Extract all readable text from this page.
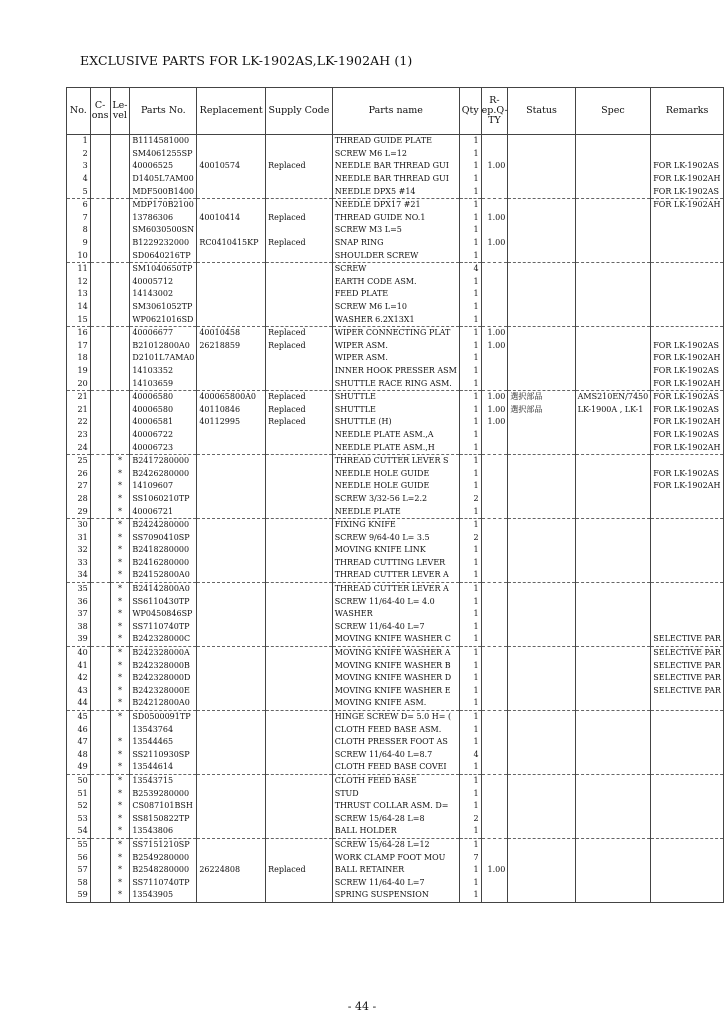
EXCLUSIVE PARTS FOR LK-1902AS,LK-1902AH (1)
No.	C-ons	Le-vel	Parts No.	Replacement	Supply Code	Parts name	Qty	R-ep.Q-TY	Status	Spec	Remarks
1			B1114581000			THREAD GUIDE PLATE	1				
2			SM4061255SP			SCREW M6 L=12	1				
3			40006525	40010574	Replaced	NEEDLE BAR THREAD GUI	1	1.00			FOR LK-1902AS
4			D1405L7AM00			NEEDLE BAR THREAD GUI	1				FOR LK-1902AH
5			MDF500B1400			NEEDLE DPX5 #14	1				FOR LK-1902AS
6			MDP170B2100			NEEDLE DPX17 #21	1				FOR LK-1902AH
7			13786306	40010414	Replaced	THREAD GUIDE NO.1	1	1.00			
8			SM6030500SN			SCREW M3 L=5	1				
9			B1229232000	RC0410415KP	Replaced	SNAP RING	1	1.00			
10			SD0640216TP			SHOULDER SCREW	1				
11			SM1040650TP			SCREW	4				
12			40005712			EARTH CODE ASM.	1				
13			14143002			FEED PLATE	1				
14			SM3061052TP			SCREW M6 L=10	1				
15			WP0621016SD			WASHER 6.2X13X1	1				
16			40006677	40010458	Replaced	WIPER CONNECTING PLAT	1	1.00			
17			B21012800A0	26218859	Replaced	WIPER ASM.	1	1.00			FOR LK-1902AS
18			D2101L7AMA0			WIPER ASM.	1				FOR LK-1902AH
19			14103352			INNER HOOK PRESSER ASM	1				FOR LK-1902AS
20			14103659			SHUTTLE RACE RING ASM.	1				FOR LK-1902AH
21			40006580	400065800A0	Replaced	SHUTTLE	1	1.00	選択部品	AMS210EN/7450	FOR LK-1902AS
21			40006580	40110846	Replaced	SHUTTLE	1	1.00	選択部品	LK-1900A , LK-1	FOR LK-1902AS
22			40006581	40112995	Replaced	SHUTTLE (H)	1	1.00			FOR LK-1902AH
23			40006722			NEEDLE PLATE ASM.,A	1				FOR LK-1902AS
24			40006723			NEEDLE PLATE ASM.,H	1				FOR LK-1902AH
25		*	B2417280000			THREAD CUTTER LEVER S	1				
26		*	B2426280000			NEEDLE HOLE GUIDE	1				FOR LK-1902AS
27		*	14109607			NEEDLE HOLE GUIDE	1				FOR LK-1902AH
28		*	SS1060210TP			SCREW 3/32-56 L=2.2	2				
29		*	40006721			NEEDLE PLATE	1				
30		*	B2424280000			FIXING KNIFE	1				
31		*	SS7090410SP			SCREW 9/64-40 L= 3.5	2				
32		*	B2418280000			MOVING KNIFE LINK	1				
33		*	B2416280000			THREAD CUTTING LEVER	1				
34		*	B24152800A0			THREAD CUTTER LEVER A	1				
35		*	B24142800A0			THREAD CUTTER LEVER A	1				
36		*	SS6110430TP			SCREW 11/64-40 L= 4.0	1				
37		*	WP0450846SP			WASHER	1				
38		*	SS7110740TP			SCREW 11/64-40 L=7	1				
39		*	B242328000C			MOVING KNIFE WASHER C	1				SELECTIVE PAR
40		*	B242328000A			MOVING KNIFE WASHER A	1				SELECTIVE PAR
41		*	B242328000B			MOVING KNIFE WASHER B	1				SELECTIVE PAR
42		*	B242328000D			MOVING KNIFE WASHER D	1				SELECTIVE PAR
43		*	B242328000E			MOVING KNIFE WASHER E	1				SELECTIVE PAR
44		*	B24212800A0			MOVING KNIFE ASM.	1				
45		*	SD0500091TP			HINGE SCREW D= 5.0 H= (	1				
46			13543764			CLOTH FEED BASE ASM.	1				
47		*	13544465			CLOTH PRESSER FOOT AS	1				
48		*	SS2110930SP			SCREW 11/64-40 L=8.7	4				
49		*	13544614			CLOTH FEED BASE COVEI	1				
50		*	13543715			CLOTH FEED BASE	1				
51		*	B2539280000			STUD	1				
52		*	CS087101BSH			THRUST COLLAR ASM. D=	1				
53		*	SS8150822TP			SCREW 15/64-28 L=8	2				
54		*	13543806			BALL HOLDER	1				
55		*	SS7151210SP			SCREW 15/64-28 L=12	1				
56		*	B2549280000			WORK CLAMP FOOT MOU	7				
57		*	B2548280000	26224808	Replaced	BALL RETAINER	1	1.00			
58		*	SS7110740TP			SCREW 11/64-40 L=7	1				
59		*	13543905			SPRING SUSPENSION	1				
- 44 -
